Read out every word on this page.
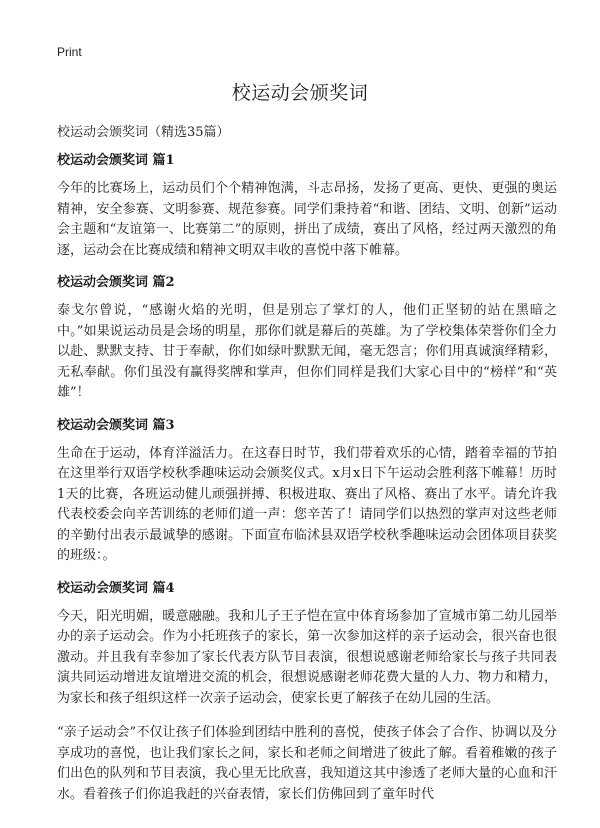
Print
校运动会颁奖词
校运动会颁奖词（精选35篇）
校运动会颁奖词 篇1

今年的比赛场上，运动员们个个精神饱满，斗志昂扬，发扬了更高、更快、更强的奥运精神，安全参赛、文明参赛、规范参赛。同学们秉持着“和谐、团结、文明、创新”运动会主题和“友谊第一、比赛第二”的原则，拼出了成绩，赛出了风格，经过两天激烈的角逐，运动会在比赛成绩和精神文明双丰收的喜悦中落下帷幕。

校运动会颁奖词 篇2

泰戈尔曾说，“感谢火焰的光明，但是别忘了掌灯的人，他们正坚韧的站在黑暗之中。”如果说运动员是会场的明星，那你们就是幕后的英雄。为了学校集体荣誉你们全力以赴、默默支持、甘于奉献，你们如绿叶默默无闻，毫无怨言；你们用真诚演绎精彩，无私奉献。你们虽没有赢得奖牌和掌声，但你们同样是我们大家心目中的“榜样”和“英雄”！

校运动会颁奖词 篇3

生命在于运动，体育洋溢活力。在这春日时节，我们带着欢乐的心情，踏着幸福的节拍在这里举行双语学校秋季趣味运动会颁奖仪式。x月x日下午运动会胜利落下帷幕！历时1天的比赛，各班运动健儿顽强拼搏、积极进取、赛出了风格、赛出了水平。请允许我代表校委会向辛苦训练的老师们道一声：您辛苦了！请同学们以热烈的掌声对这些老师的辛勤付出表示最诚挚的感谢。下面宣布临沭县双语学校秋季趣味运动会团体项目获奖的班级：。

校运动会颁奖词 篇4

今天，阳光明媚，暖意融融。我和儿子王子恺在宣中体育场参加了宣城市第二幼儿园举办的亲子运动会。作为小托班孩子的家长，第一次参加这样的亲子运动会，很兴奋也很激动。并且我有幸参加了家长代表方队节目表演，很想说感谢老师给家长与孩子共同表演共同运动增进友谊增进交流的机会，很想说感谢老师花费大量的人力、物力和精力，为家长和孩子组织这样一次亲子运动会，使家长更了解孩子在幼儿园的生活。

“亲子运动会”不仅让孩子们体验到团结中胜利的喜悦，使孩子体会了合作、协调以及分享成功的喜悦，也让我们家长之间，家长和老师之间增进了彼此了解。看着稚嫩的孩子们出色的队列和节目表演，我心里无比欣喜，我知道这其中渗透了老师大量的心血和汗水。看着孩子们你追我赶的兴奋表情，家长们仿佛回到了童年时代
